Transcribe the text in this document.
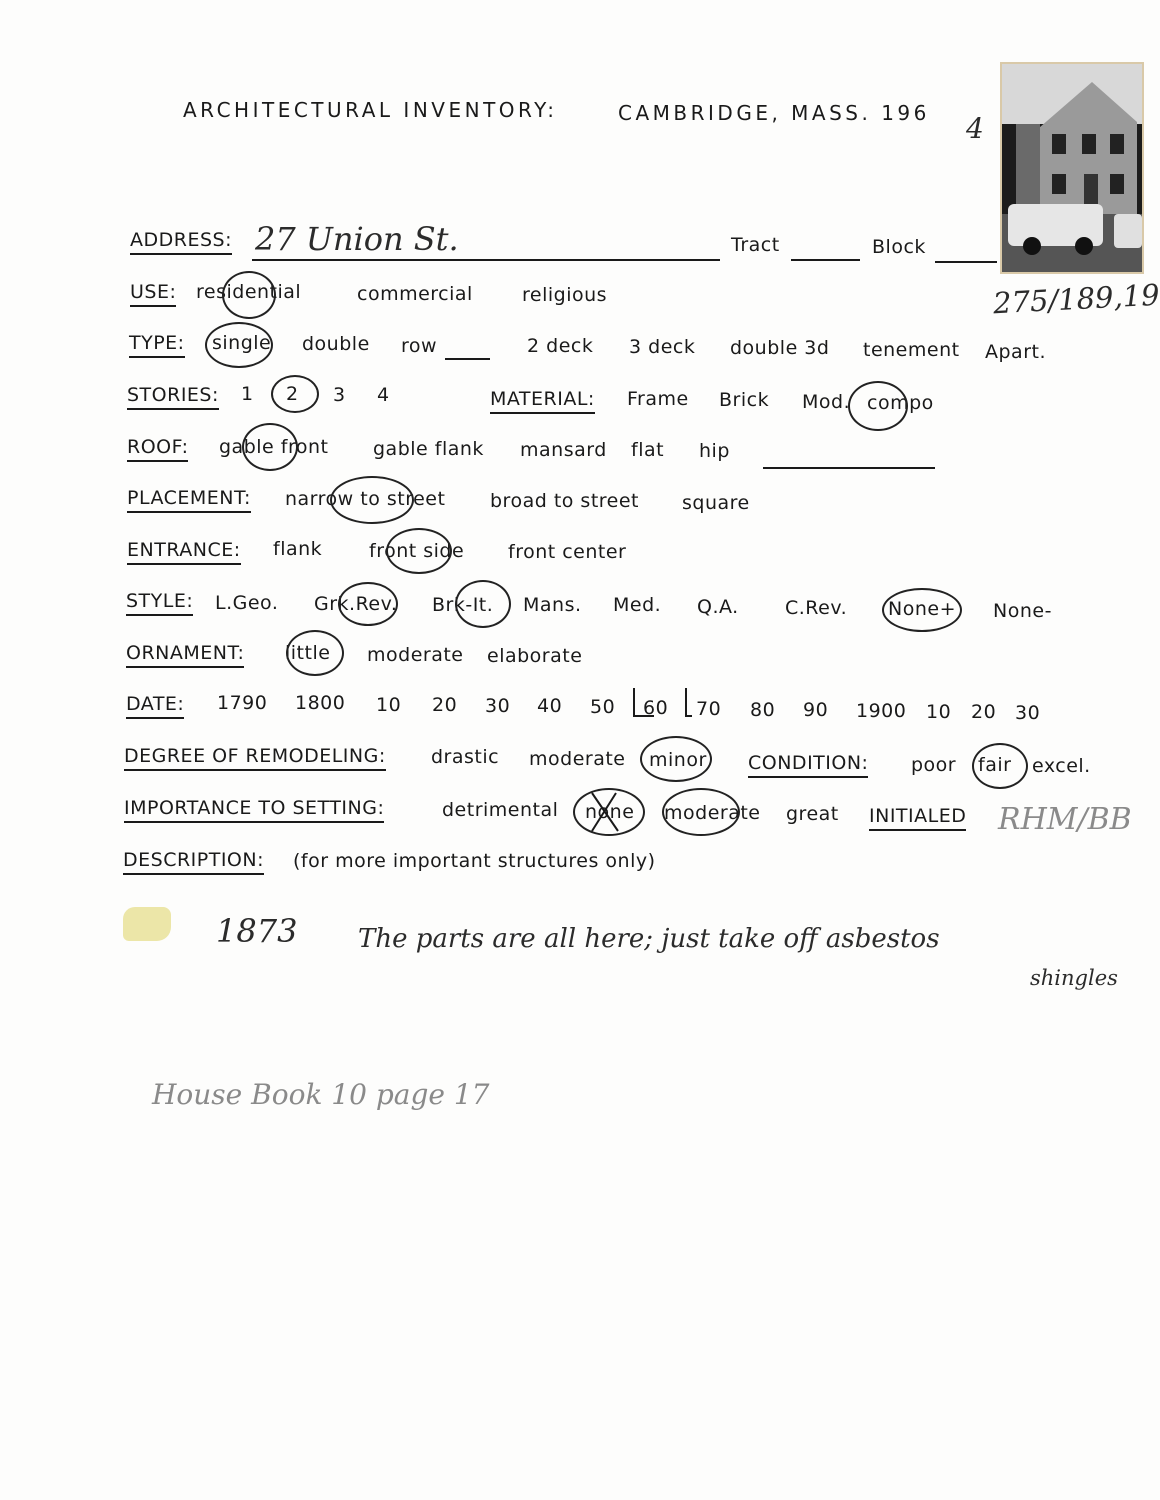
ARCHITECTURAL INVENTORY:	CAMBRIDGE, MASS. 196 4
ADDRESS: 27 Union St.	Tract	Block
275/189,19
USE: residential	commercial	religious
TYPE: single double row	2 deck 3 deck double 3d tenement Apart.
STORIES: 1 2 3 4	MATERIAL: Frame Brick Mod. compo
ROOF: gable front gable flank mansard flat hip
PLACEMENT: narrow to street broad to street square
ENTRANCE: flank front side front center
STYLE: L.Geo. Grk.Rev. Brk-It. Mans. Med. Q.A. C.Rev. None+ None-
ORNAMENT: little moderate elaborate
DATE: 1790 1800 10 20 30 40 50 60 70 80 90 1900 10 20 30
DEGREE OF REMODELING: drastic moderate minor CONDITION: poor fair excel.
IMPORTANCE TO SETTING:	detrimental none moderate great INITIALED RHM/BB
DESCRIPTION: (for more important structures only)
1873 The parts are all here; just take off asbestos
shingles
House Book 10 page 17
